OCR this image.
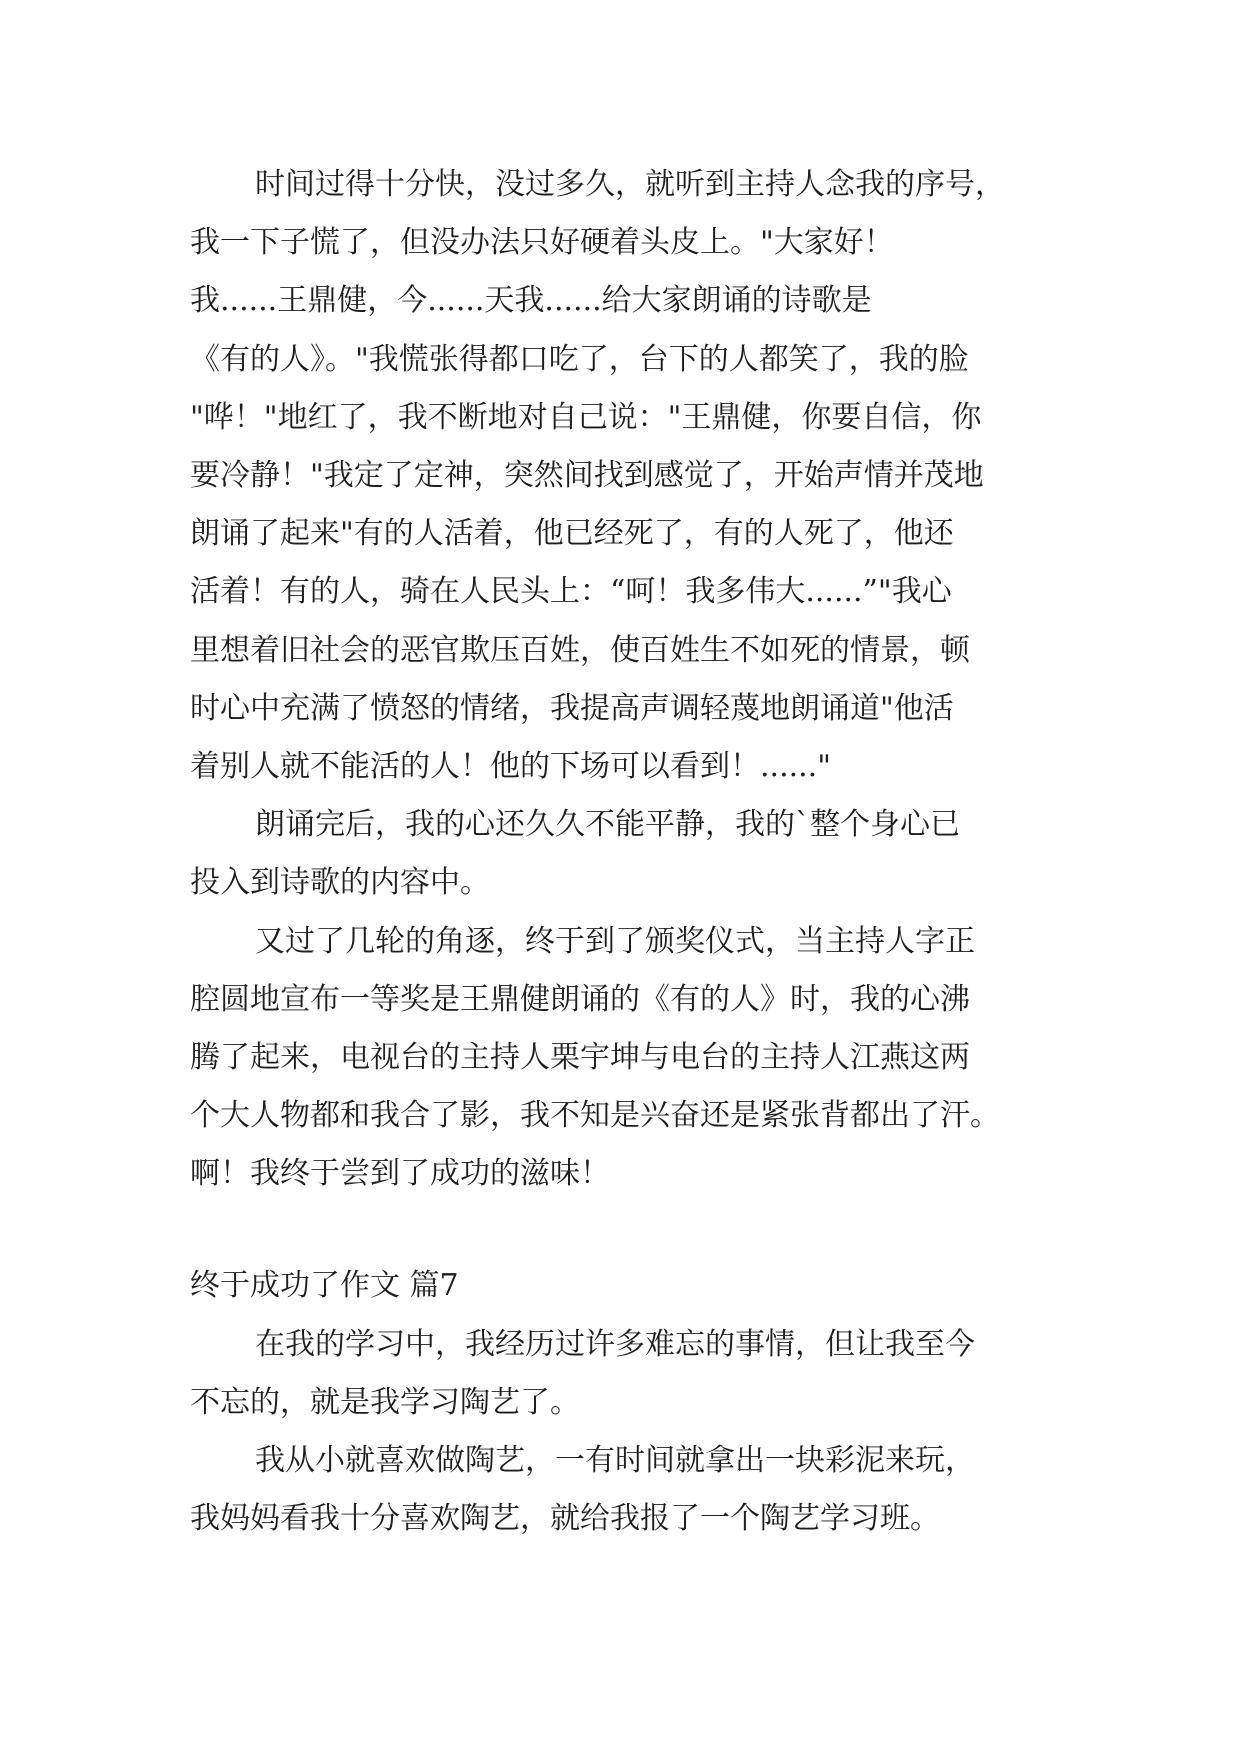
时间过得十分快，没过多久，就听到主持人念我的序号，
我一下子慌了，但没办法只好硬着头皮上。"大家好！
我......王鼎健，今......天我......给大家朗诵的诗歌是
《有的人》。"我慌张得都口吃了，台下的人都笑了，我的脸
"哗！"地红了，我不断地对自己说："王鼎健，你要自信，你
要冷静！"我定了定神，突然间找到感觉了，开始声情并茂地
朗诵了起来"有的人活着，他已经死了，有的人死了，他还
活着！有的人，骑在人民头上：“呵！我多伟大......”"我心
里想着旧社会的恶官欺压百姓，使百姓生不如死的情景，顿
时心中充满了愤怒的情绪，我提高声调轻蔑地朗诵道"他活
着别人就不能活的人！他的下场可以看到！......"
朗诵完后，我的心还久久不能平静，我的`整个身心已
投入到诗歌的内容中。
又过了几轮的角逐，终于到了颁奖仪式，当主持人字正
腔圆地宣布一等奖是王鼎健朗诵的《有的人》时，我的心沸
腾了起来，电视台的主持人栗宇坤与电台的主持人江燕这两
个大人物都和我合了影，我不知是兴奋还是紧张背都出了汗。
啊！我终于尝到了成功的滋味！
终于成功了作文 篇7
在我的学习中，我经历过许多难忘的事情，但让我至今
不忘的，就是我学习陶艺了。
我从小就喜欢做陶艺，一有时间就拿出一块彩泥来玩，
我妈妈看我十分喜欢陶艺，就给我报了一个陶艺学习班。
